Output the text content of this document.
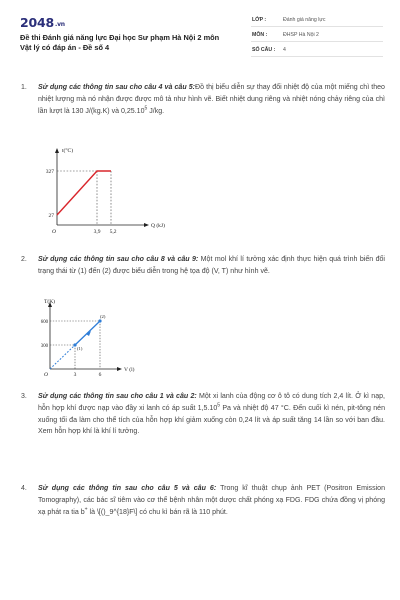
2048.vn
Đề thi Đánh giá năng lực Đại học Sư phạm Hà Nội 2 môn
Vật lý có đáp án - Đề số 4
LỚP :	Đánh giá năng lực
MÔN :	ĐHSP Hà Nội 2
SỐ CÂU : 4
1. Sử dụng các thông tin sau cho câu 4 và câu 5:Đồ thị biểu diễn sự thay đổi nhiệt độ của một miếng chì theo nhiệt lượng mà nó nhận được được mô tả như hình vẽ. Biết nhiệt dung riêng và nhiệt nóng chảy riêng của chì lần lượt là 130 J/(kg.K) và 0,25.10$^5$ J/kg.
t(°C)
327
27
O	3,9 5,2
Q (kJ)
2. Sử dụng các thông tin sau cho câu 8 và câu 9: Một mol khí lí tưởng xác định thực hiện quá trình biến đổi trạng thái từ (1) đến (2) được biểu diễn trong hệ tọa độ (V, T) như hình vẽ.
T(K)
600
300	(1)
(2)
O	3	6
V (l)
3. Sử dụng các thông tin sau cho câu 1 và câu 2: Một xi lanh của động cơ ô tô có dung tích 2,4 lít. Ở kì nạp, hỗn hợp khí được nạp vào đầy xi lanh có áp suất 1,5.10$^5$ Pa và nhiệt độ 47 °C. Đến cuối kì nén, pit-tông nén xuống tối đa làm cho thể tích của hỗn hợp khí giảm xuống còn 0,24 lít và áp suất tăng 14 lần so với ban đầu. Xem hỗn hợp khí là khí lí tưởng.
4. Sử dụng các thông tin sau cho câu 5 và câu 6: Trong kĩ thuật chụp ảnh PET (Positron Emission Tomography), các bác sĩ tiêm vào cơ thể bệnh nhân một dược chất phóng xạ FDG. FDG chứa đồng vị phóng xạ phát ra tia b+ là \[()_9^{18}F\] có chu kì bán rã là 110 phút.
